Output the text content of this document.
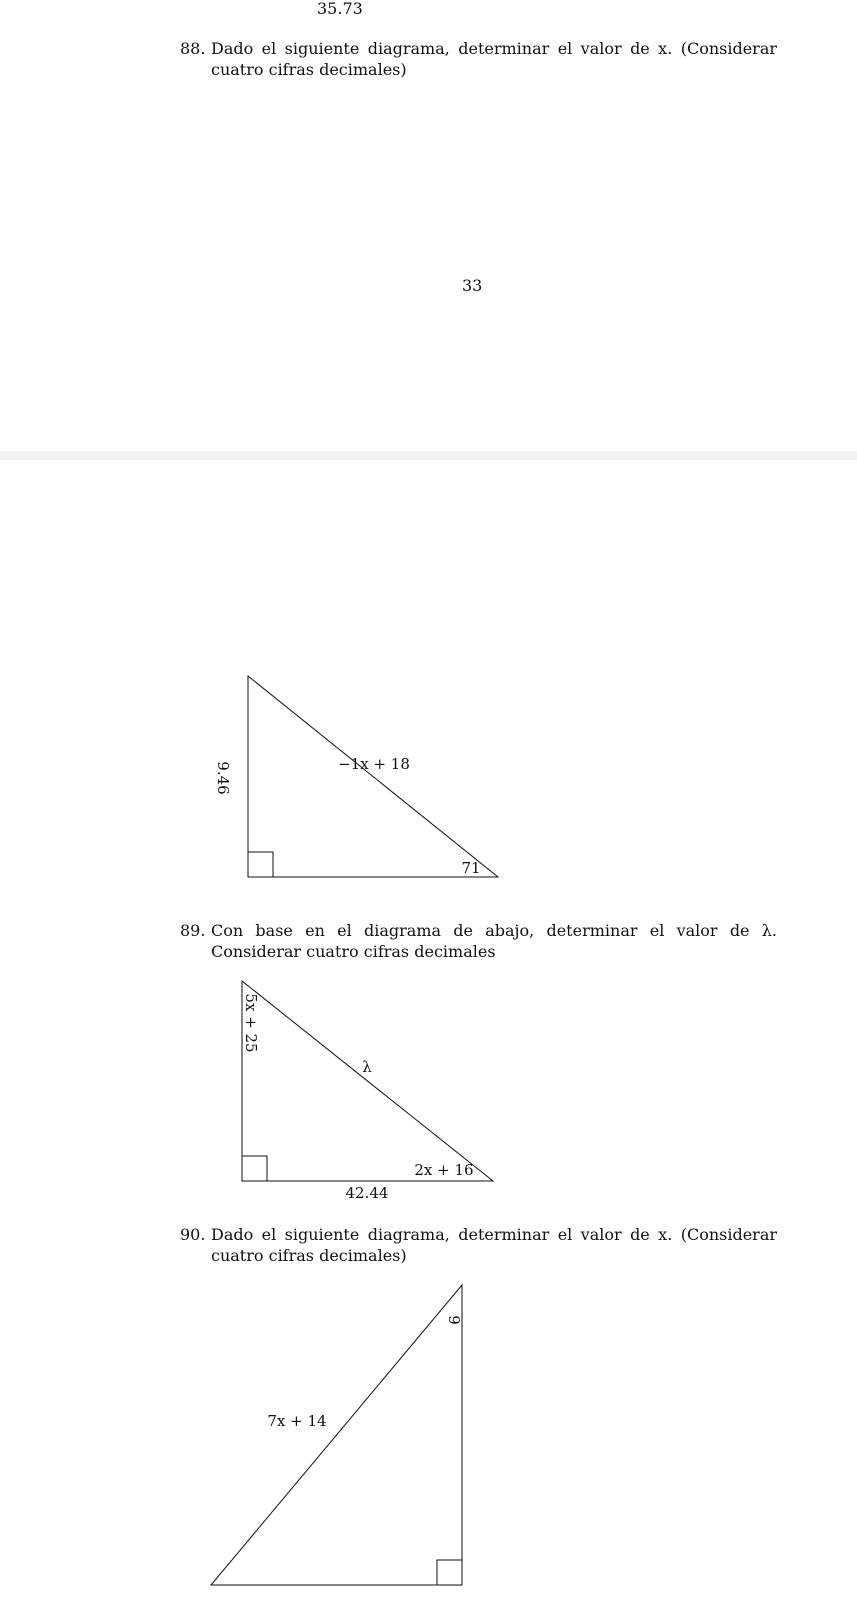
35.73
88. Dado el siguiente diagrama, determinar el valor de x. (Considerar cuatro cifras decimales)
33
9.46	−1x + 18
71
89. Con base en el diagrama de abajo, determinar el valor de λ. Considerar cuatro cifras decimales
5x + 25
λ
2x + 16
42.44
90. Dado el siguiente diagrama, determinar el valor de x. (Considerar cuatro cifras decimales)
9
7x + 14
